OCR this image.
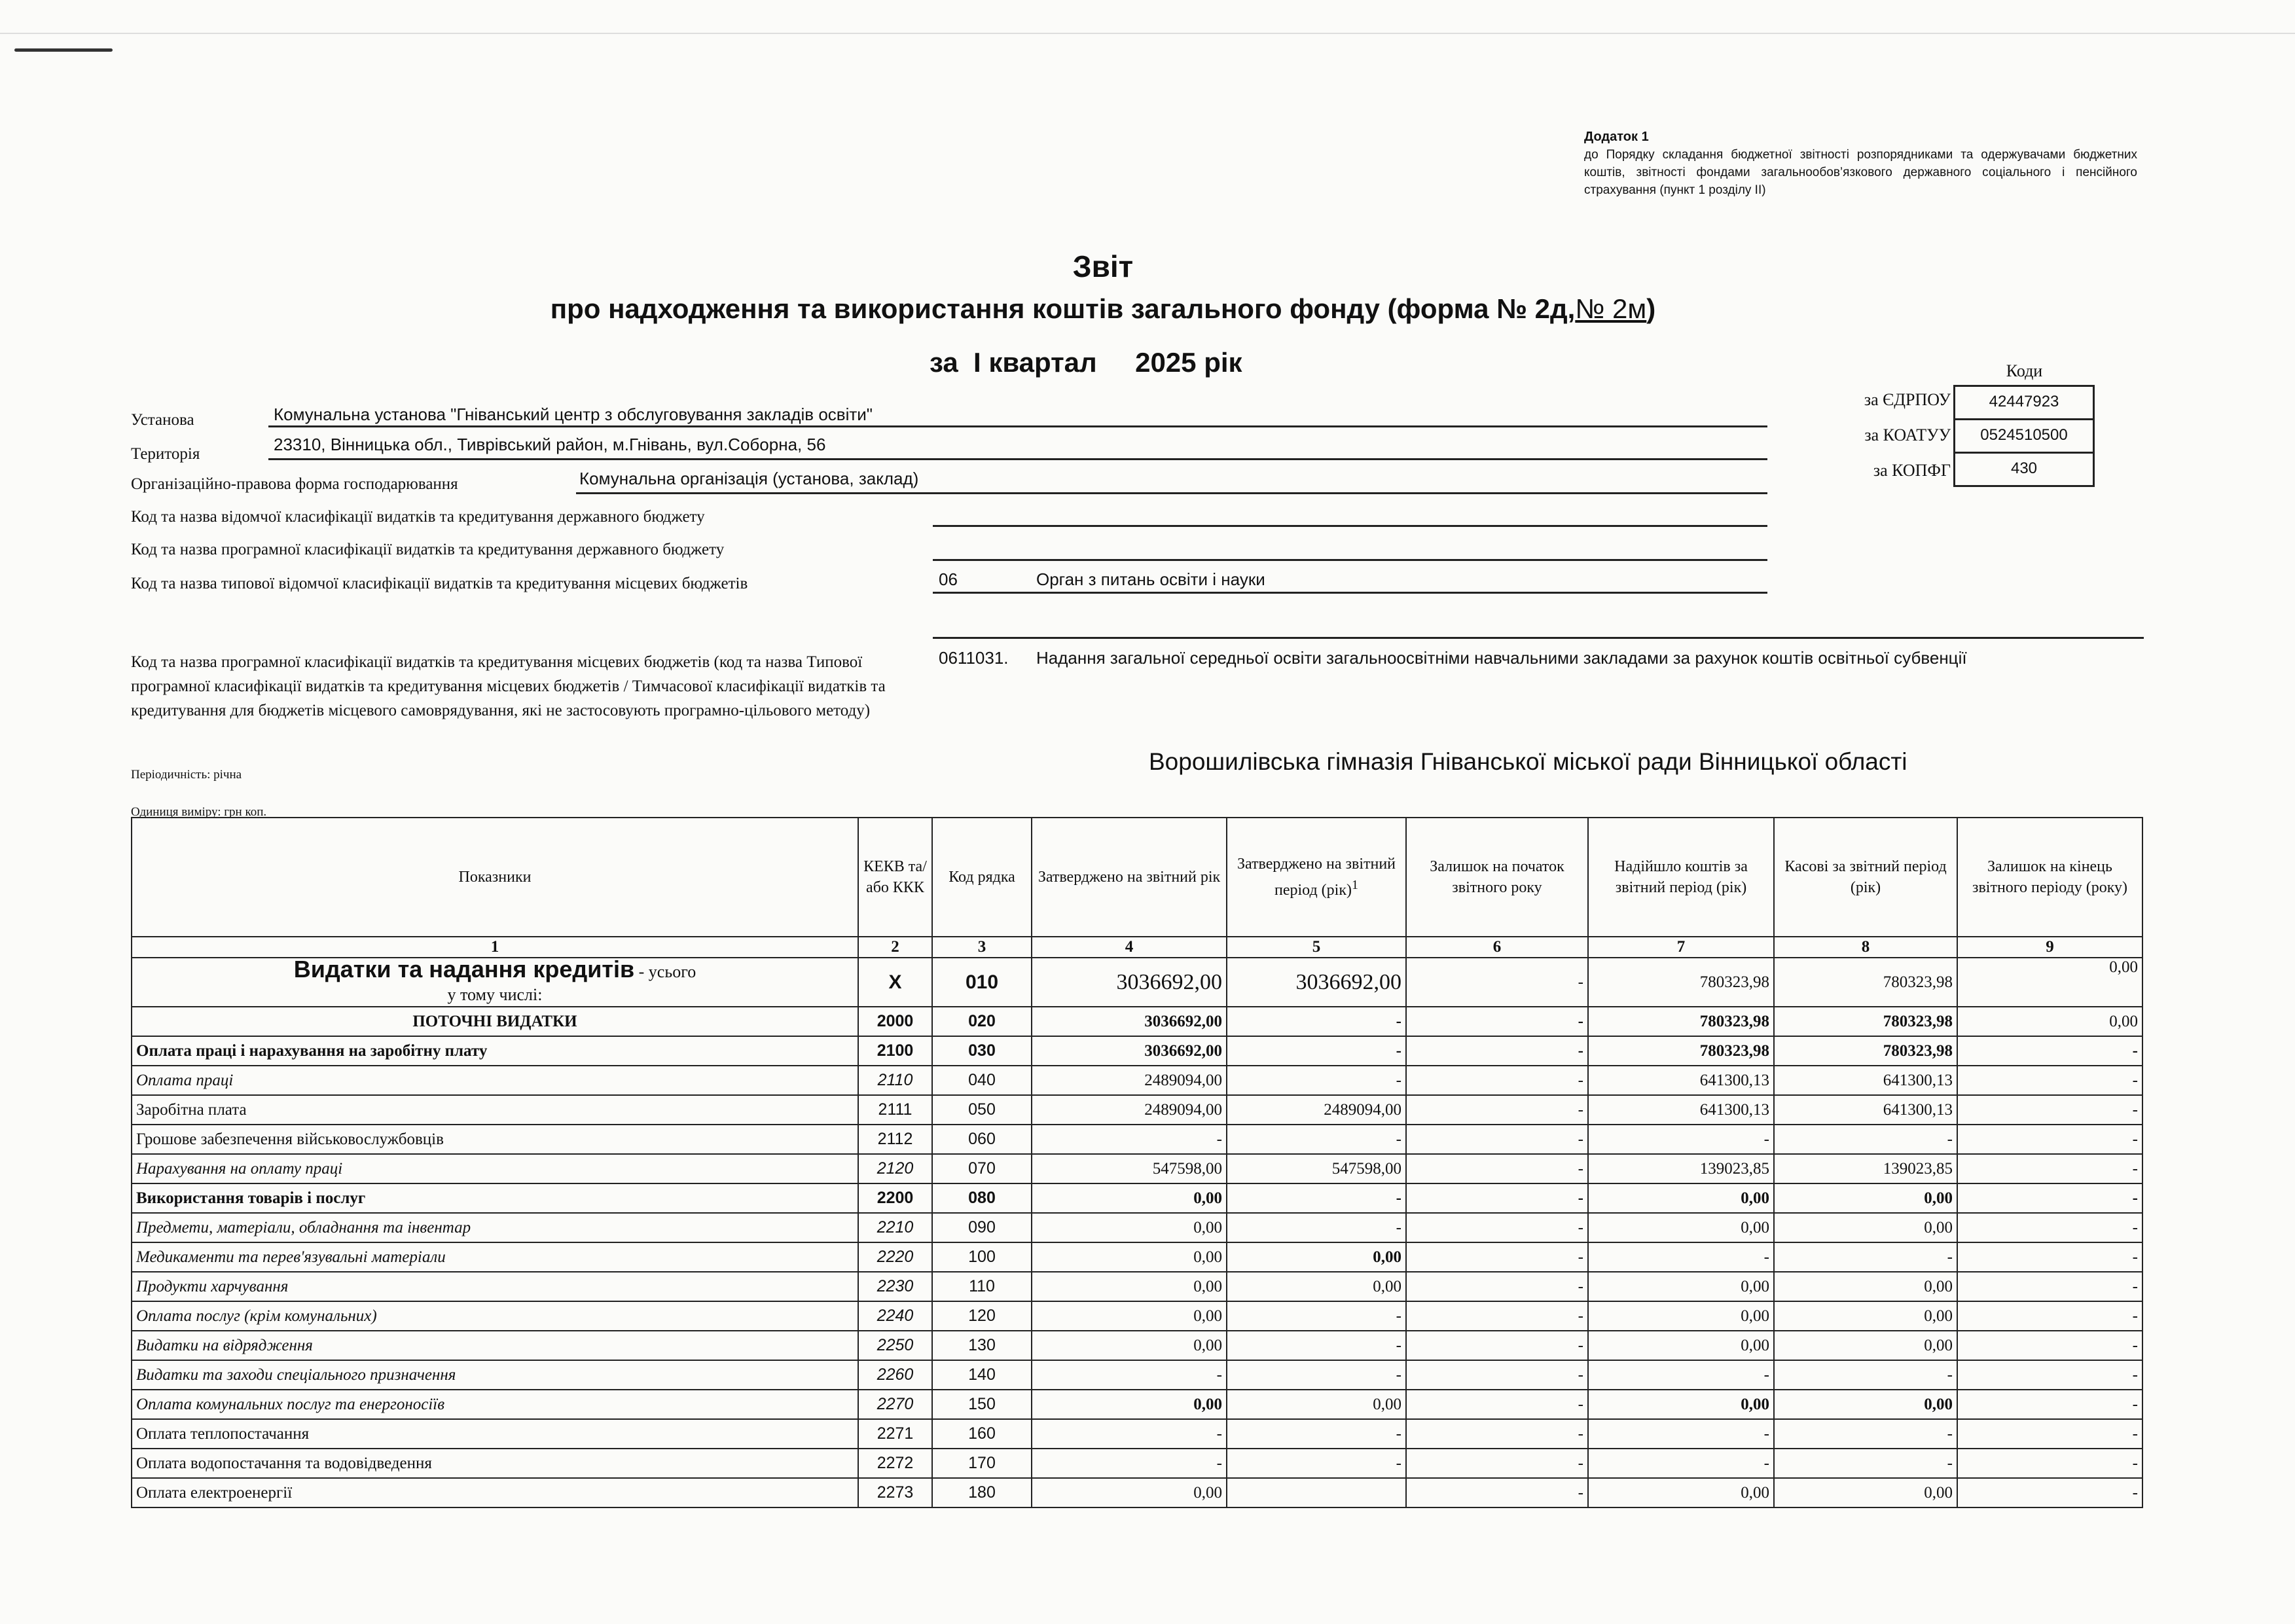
Додаток 1
до Порядку складання бюджетної звітності розпорядниками та одержувачами бюджетних коштів, звітності фондами загальнообов’язкового державного соціального і пенсійного страхування (пункт 1 розділу ІІ)
Звіт
про надходження та використання коштів загального фонду (форма № 2д,№ 2м)
за І квартал 2025 рік	Коди
за ЄДРПОУ	42447923
за КОАТУУ	0524510500
за КОПФГ	430
Установа	Комунальна установа "Гніванський центр з обслуговування закладів освіти"
Територія	23310, Вінницька обл., Тиврівський район, м.Гнівань, вул.Соборна, 56
Організаційно-правова форма господарювання	Комунальна організація (установа, заклад)
Код та назва відомчої класифікації видатків та кредитування державного бюджету
Код та назва програмної класифікації видатків та кредитування державного бюджету
Код та назва типової відомчої класифікації видатків та кредитування місцевих бюджетів	06	Орган з питань освіти і науки
Код та назва програмної класифікації видатків та кредитування місцевих бюджетів (код та назва Типової програмної класифікації видатків та кредитування місцевих бюджетів / Тимчасової класифікації видатків та кредитування для бюджетів місцевого самоврядування, які не застосовують програмно-цільового методу)
0611031. Надання загальної середньої освіти загальноосвітніми навчальними закладами за рахунок коштів освітньої субвенції
Періодичність: річна
Одиниця виміру: грн коп.
Ворошилівська гімназія Гніванської міської ради Вінницької області
Показники	КЕКВ та/або ККК	Код рядка	Затверджено на звітний рік	Затверджено на звітний період (рік)$^1$	Залишок на початок звітного року	Надійшло коштів за звітний період (рік)	Касові за звітний період (рік)	Залишок на кінець звітного періоду (року)
1	2	3	4	5	6	7	8	9
Видатки та надання кредитів - усього
у тому числі:	X	010	3036692,00	3036692,00	-	780323,98	780323,98	0,00
ПОТОЧНІ ВИДАТКИ	2000	020	3036692,00	-	-	780323,98	780323,98	0,00
Оплата праці і нарахування на заробітну плату	2100	030	3036692,00	-	-	780323,98	780323,98	-
Оплата праці	2110	040	2489094,00	-	-	641300,13	641300,13	-
Заробітна плата	2111	050	2489094,00	2489094,00	-	641300,13	641300,13	-
Грошове забезпечення військовослужбовців	2112	060	-	-	-	-	-	-
Нарахування на оплату праці	2120	070	547598,00	547598,00	-	139023,85	139023,85	-
Використання товарів і послуг	2200	080	0,00	-	-	0,00	0,00	-
Предмети, матеріали, обладнання та інвентар	2210	090	0,00	-	-	0,00	0,00	-
Медикаменти та перев'язувальні матеріали	2220	100	0,00	0,00	-	-	-	-
Продукти харчування	2230	110	0,00	0,00	-	0,00	0,00	-
Оплата послуг (крім комунальних)	2240	120	0,00	-	-	0,00	0,00	-
Видатки на відрядження	2250	130	0,00	-	-	0,00	0,00	-
Видатки та заходи спеціального призначення	2260	140	-	-	-	-	-	-
Оплата комунальних послуг та енергоносіїв	2270	150	0,00	0,00	-	0,00	0,00	-
Оплата теплопостачання	2271	160	-	-	-	-	-	-
Оплата водопостачання та водовідведення	2272	170	-	-	-	-	-	-
Оплата електроенергії	2273	180	0,00		-	0,00	0,00	-
